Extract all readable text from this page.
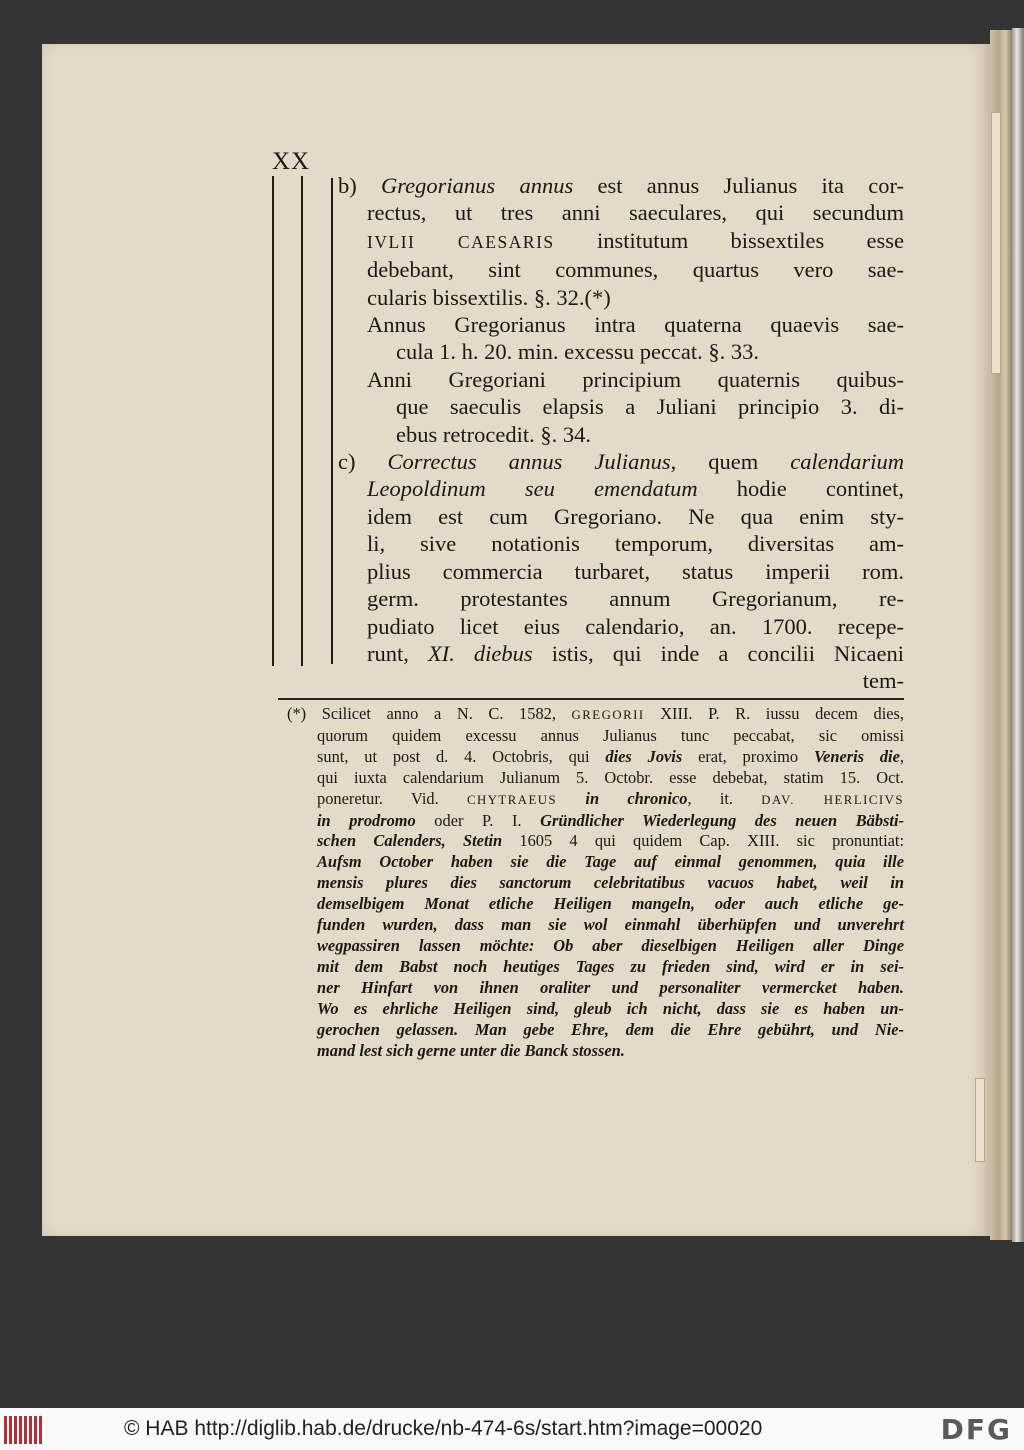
XX
b) Gregorianus annus est annus Julianus ita cor-
rectus, ut tres anni saeculares, qui secundum
IVLII CAESARIS institutum bissextiles esse
debebant, sint communes, quartus vero sae-
cularis bissextilis. §. 32.(*)
Annus Gregorianus intra quaterna quaevis sae-
cula 1. h. 20. min. excessu peccat. §. 33.
Anni Gregoriani principium quaternis quibus-
que saeculis elapsis a Juliani principio 3. di-
ebus retrocedit. §. 34.
c) Correctus annus Julianus, quem calendarium
Leopoldinum seu emendatum hodie continet,
idem est cum Gregoriano. Ne qua enim sty-
li, sive notationis temporum, diversitas am-
plius commercia turbaret, status imperii rom.
germ. protestantes annum Gregorianum, re-
pudiato licet eius calendario, an. 1700. recepe-
runt, XI. diebus istis, qui inde a concilii Nicaeni
tem-
(*) Scilicet anno a N. C. 1582, GREGORII XIII. P. R. iussu decem dies,
quorum quidem excessu annus Julianus tunc peccabat, sic omissi
sunt, ut post d. 4. Octobris, qui dies Jovis erat, proximo Veneris die,
qui iuxta calendarium Julianum 5. Octobr. esse debebat, statim 15. Oct.
poneretur. Vid. CHYTRAEUS in chronico, it. DAV. HERLICIVS
in prodromo oder P. I. Gründlicher Wiederlegung des neuen Bäbsti-
schen Calenders, Stetin 1605 4 qui quidem Cap. XIII. sic pronuntiat:
Aufsm October haben sie die Tage auf einmal genommen, quia ille
mensis plures dies sanctorum celebritatibus vacuos habet, weil in
demselbigem Monat etliche Heiligen mangeln, oder auch etliche ge-
funden wurden, dass man sie wol einmahl überhüpfen und unverehrt
wegpassiren lassen möchte: Ob aber dieselbigen Heiligen aller Dinge
mit dem Babst noch heutiges Tages zu frieden sind, wird er in sei-
ner Hinfart von ihnen oraliter und personaliter vermercket haben.
Wo es ehrliche Heiligen sind, gleub ich nicht, dass sie es haben un-
gerochen gelassen. Man gebe Ehre, dem die Ehre gebührt, und Nie-
mand lest sich gerne unter die Banck stossen.
© HAB http://diglib.hab.de/drucke/nb-474-6s/start.htm?image=00020	DFG
